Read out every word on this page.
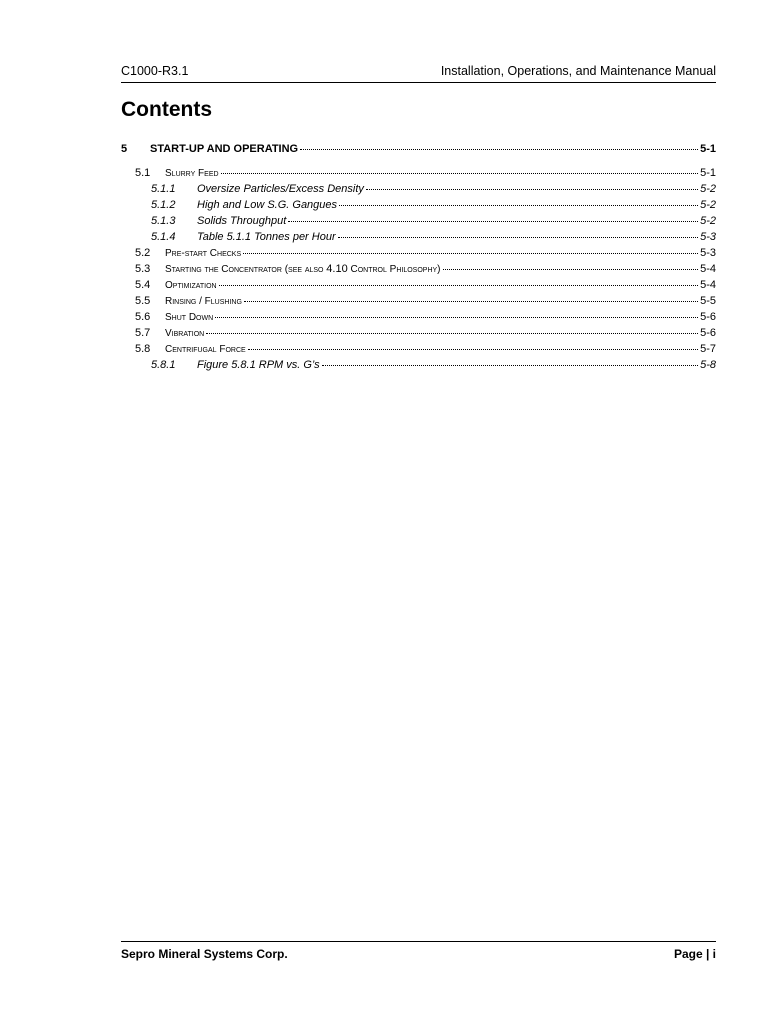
C1000-R3.1	Installation, Operations, and Maintenance Manual
Contents
5	START-UP AND OPERATING	5-1
5.1	Slurry Feed	5-1
5.1.1	Oversize Particles/Excess Density	5-2
5.1.2	High and Low S.G. Gangues	5-2
5.1.3	Solids Throughput	5-2
5.1.4	Table 5.1.1 Tonnes per Hour	5-3
5.2	Pre-start Checks	5-3
5.3	Starting the Concentrator (see also 4.10 Control Philosophy)	5-4
5.4	Optimization	5-4
5.5	Rinsing / Flushing	5-5
5.6	Shut Down	5-6
5.7	Vibration	5-6
5.8	Centrifugal Force	5-7
5.8.1	Figure 5.8.1 RPM vs. G’s	5-8
Sepro Mineral Systems Corp.	Page | i
